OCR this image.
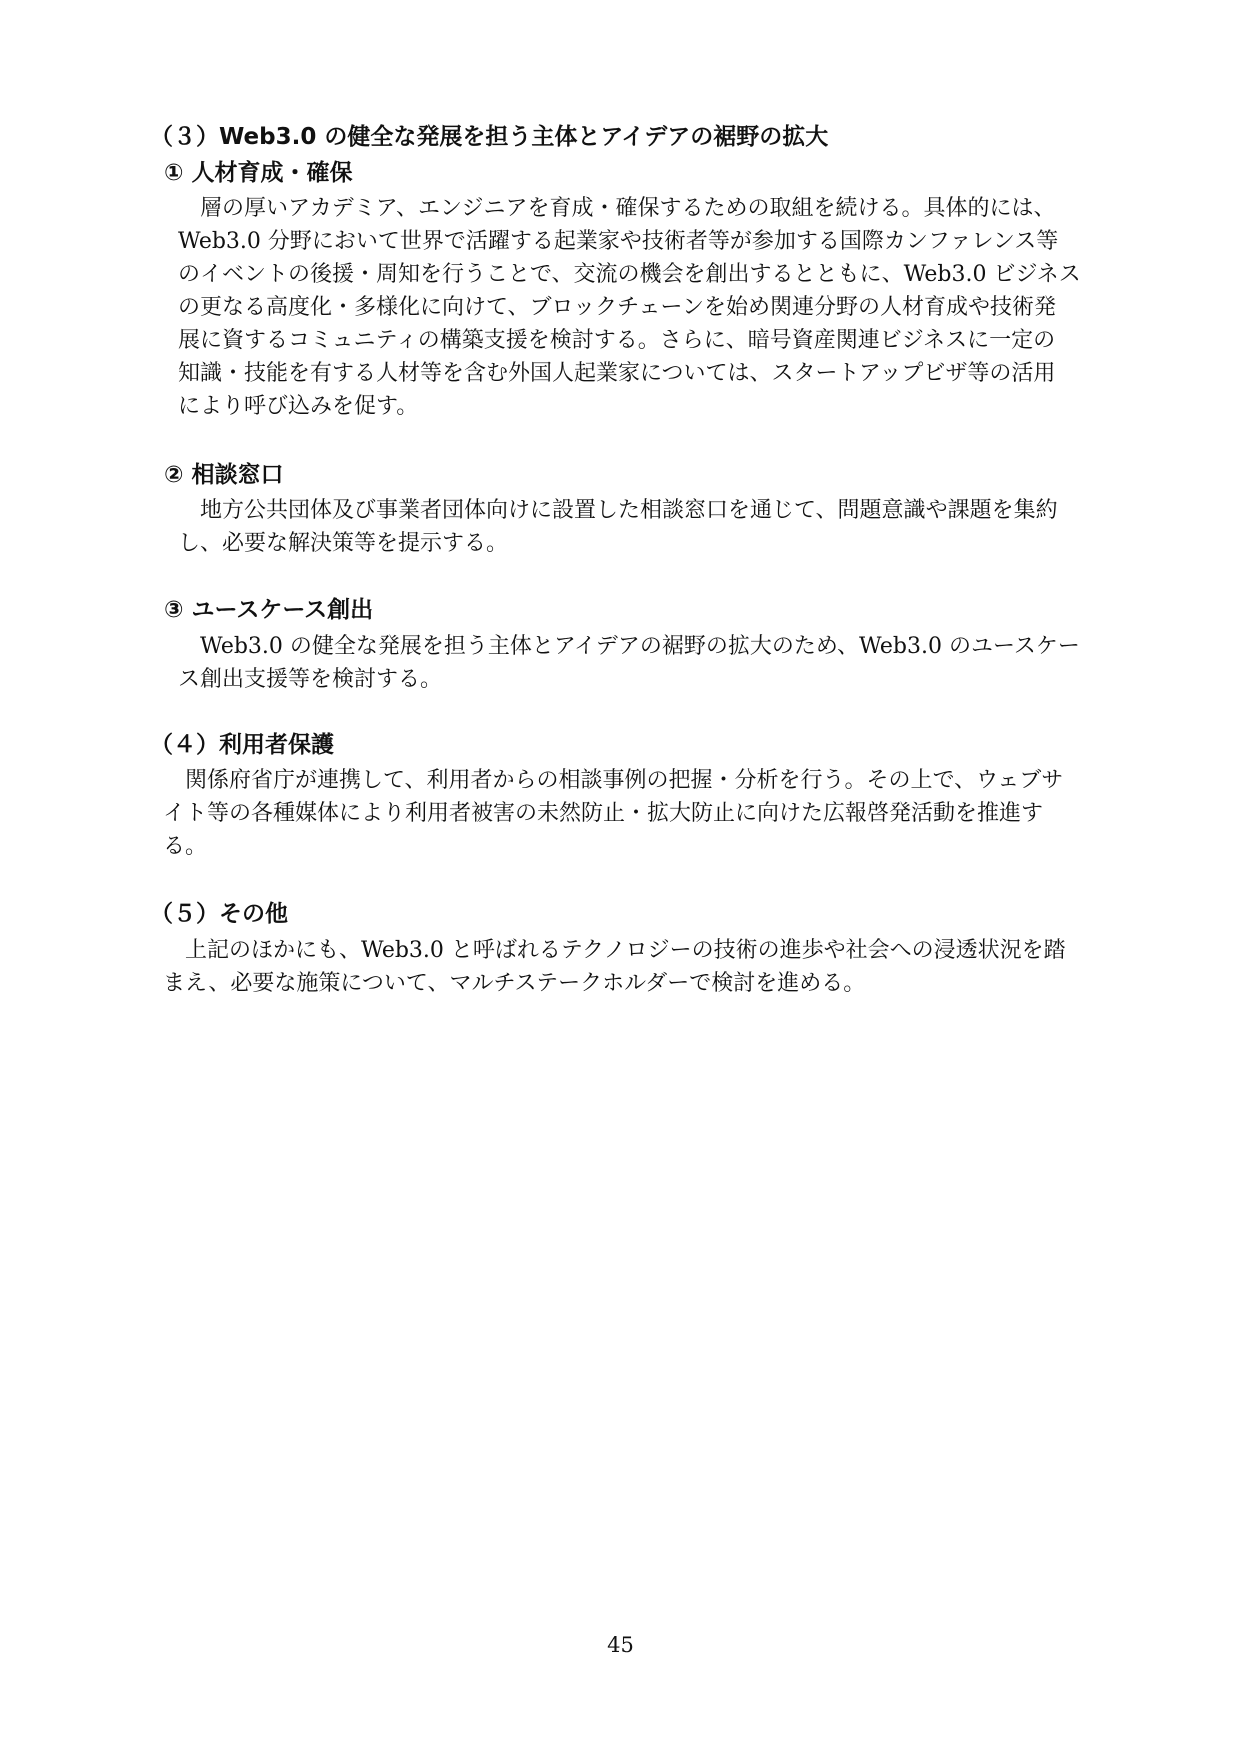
（３）Web3.0 の健全な発展を担う主体とアイデアの裾野の拡大
① 人材育成・確保
層の厚いアカデミア、エンジニアを育成・確保するための取組を続ける。具体的には、
Web3.0 分野において世界で活躍する起業家や技術者等が参加する国際カンファレンス等
のイベントの後援・周知を行うことで、交流の機会を創出するとともに、Web3.0 ビジネス
の更なる高度化・多様化に向けて、ブロックチェーンを始め関連分野の人材育成や技術発
展に資するコミュニティの構築支援を検討する。さらに、暗号資産関連ビジネスに一定の
知識・技能を有する人材等を含む外国人起業家については、スタートアップビザ等の活用
により呼び込みを促す。
② 相談窓口
地方公共団体及び事業者団体向けに設置した相談窓口を通じて、問題意識や課題を集約
し、必要な解決策等を提示する。
③ ユースケース創出
Web3.0 の健全な発展を担う主体とアイデアの裾野の拡大のため、Web3.0 のユースケー
ス創出支援等を検討する。
（４）利用者保護
関係府省庁が連携して、利用者からの相談事例の把握・分析を行う。その上で、ウェブサ
イト等の各種媒体により利用者被害の未然防止・拡大防止に向けた広報啓発活動を推進す
る。
（５）その他
上記のほかにも、Web3.0 と呼ばれるテクノロジーの技術の進歩や社会への浸透状況を踏
まえ、必要な施策について、マルチステークホルダーで検討を進める。
45
